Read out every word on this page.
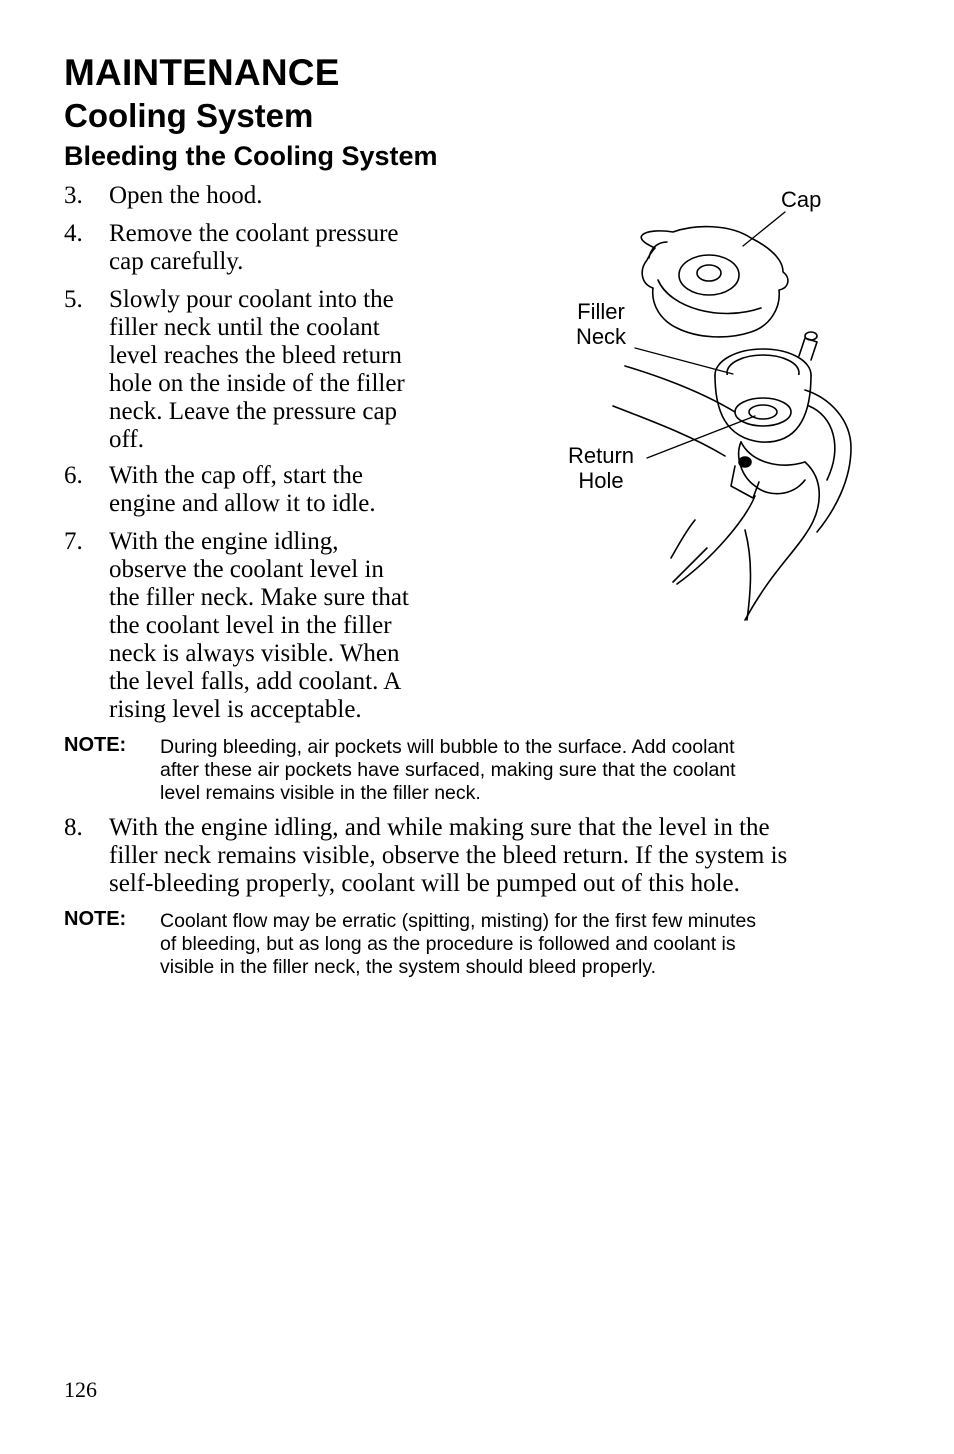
MAINTENANCE
Cooling System
Bleeding the Cooling System
3.	Open the hood.
4.	Remove the coolant pressure
cap carefully.
5.	Slowly pour coolant into the
filler neck until the coolant
level reaches the bleed return
hole on the inside of the filler
neck. Leave the pressure cap
off.
6.	With the cap off, start the
engine and allow it to idle.
7.	With the engine idling,
observe the coolant level in
the filler neck. Make sure that
the coolant level in the filler
neck is always visible. When
the level falls, add coolant. A
rising level is acceptable.
NOTE: During bleeding, air pockets will bubble to the surface. Add coolant
after these air pockets have surfaced, making sure that the coolant
level remains visible in the filler neck.
8.	With the engine idling, and while making sure that the level in the
filler neck remains visible, observe the bleed return. If the system is
self-bleeding properly, coolant will be pumped out of this hole.
NOTE: Coolant flow may be erratic (spitting, misting) for the first few minutes
of bleeding, but as long as the procedure is followed and coolant is
visible in the filler neck, the system should bleed properly.
Cap
Filler
Neck
Return
Hole
126
